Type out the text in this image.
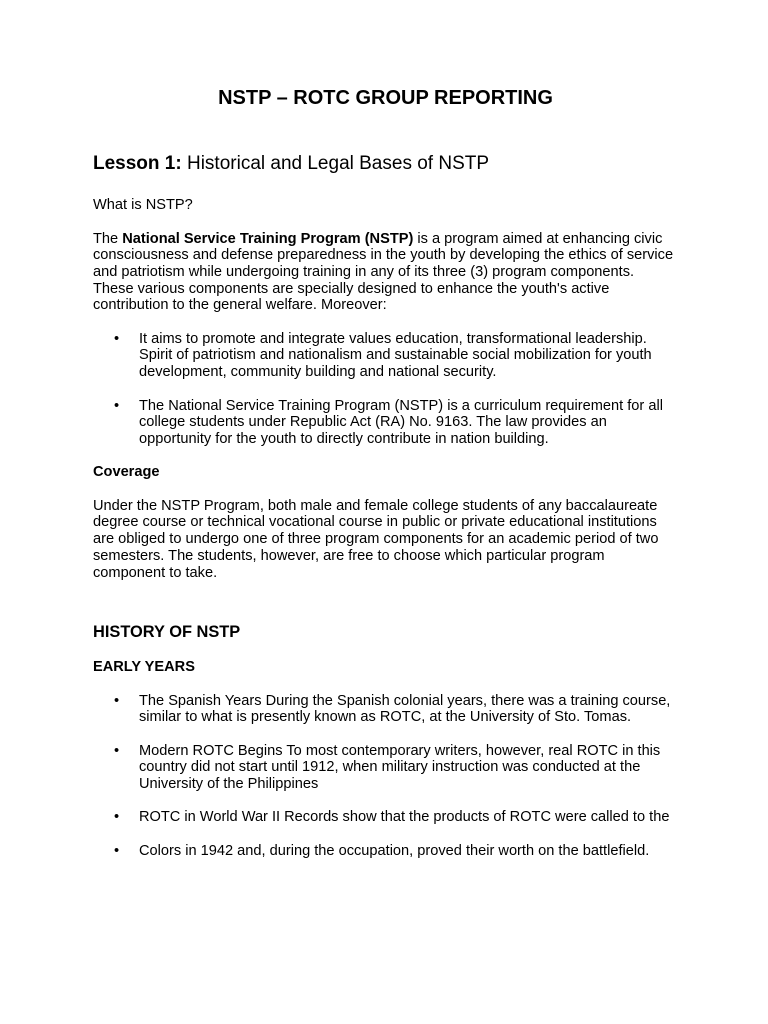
NSTP – ROTC GROUP REPORTING
Lesson 1: Historical and Legal Bases of NSTP

What is NSTP?

The National Service Training Program (NSTP) is a program aimed at enhancing civic consciousness and defense preparedness in the youth by developing the ethics of service and patriotism while undergoing training in any of its three (3) program components. These various components are specially designed to enhance the youth's active contribution to the general welfare. Moreover:

• It aims to promote and integrate values education, transformational leadership. Spirit of patriotism and nationalism and sustainable social mobilization for youth development, community building and national security.
• The National Service Training Program (NSTP) is a curriculum requirement for all college students under Republic Act (RA) No. 9163. The law provides an opportunity for the youth to directly contribute in nation building.
Coverage

Under the NSTP Program, both male and female college students of any baccalaureate degree course or technical vocational course in public or private educational institutions are obliged to undergo one of three program components for an academic period of two semesters. The students, however, are free to choose which particular program component to take.

HISTORY OF NSTP
EARLY YEARS
• The Spanish Years During the Spanish colonial years, there was a training course, similar to what is presently known as ROTC, at the University of Sto. Tomas.
• Modern ROTC Begins To most contemporary writers, however, real ROTC in this country did not start until 1912, when military instruction was conducted at the University of the Philippines
• ROTC in World War II Records show that the products of ROTC were called to the
• Colors in 1942 and, during the occupation, proved their worth on the battlefield.
